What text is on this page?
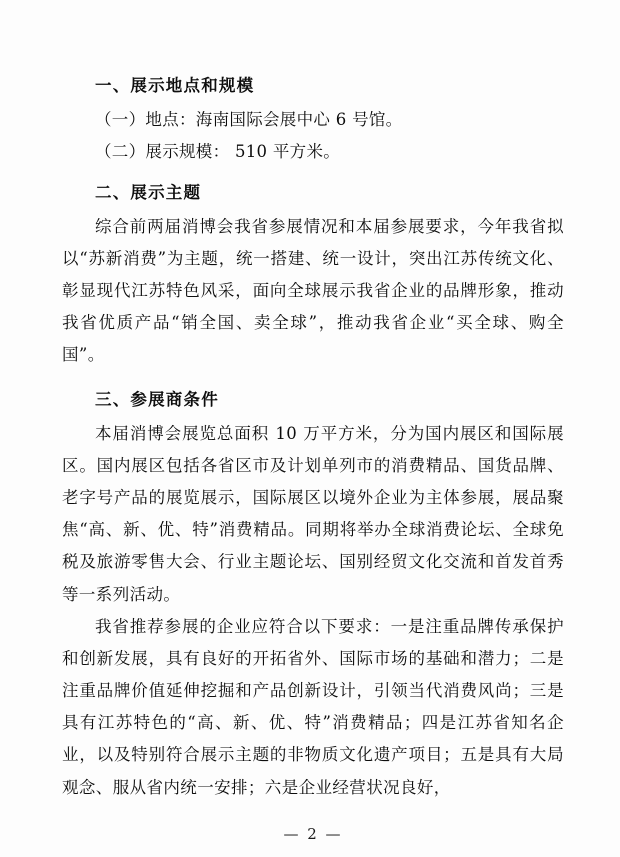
一、展示地点和规模

（一）地点：海南国际会展中心 6 号馆。

（二）展示规模： 510 平方米。

二、展示主题

综合前两届消博会我省参展情况和本届参展要求，今年我省拟以“苏新消费”为主题，统一搭建、统一设计，突出江苏传统文化、彰显现代江苏特色风采，面向全球展示我省企业的品牌形象，推动我省优质产品“销全国、卖全球”，推动我省企业“买全球、购全国”。

三、参展商条件

本届消博会展览总面积 10 万平方米，分为国内展区和国际展区。国内展区包括各省区市及计划单列市的消费精品、国货品牌、老字号产品的展览展示，国际展区以境外企业为主体参展，展品聚焦“高、新、优、特”消费精品。同期将举办全球消费论坛、全球免税及旅游零售大会、行业主题论坛、国别经贸文化交流和首发首秀等一系列活动。

我省推荐参展的企业应符合以下要求：一是注重品牌传承保护和创新发展，具有良好的开拓省外、国际市场的基础和潜力；二是注重品牌价值延伸挖掘和产品创新设计，引领当代消费风尚；三是具有江苏特色的“高、新、优、特”消费精品；四是江苏省知名企业，以及特别符合展示主题的非物质文化遗产项目；五是具有大局观念、服从省内统一安排；六是企业经营状况良好，

— 2 —
